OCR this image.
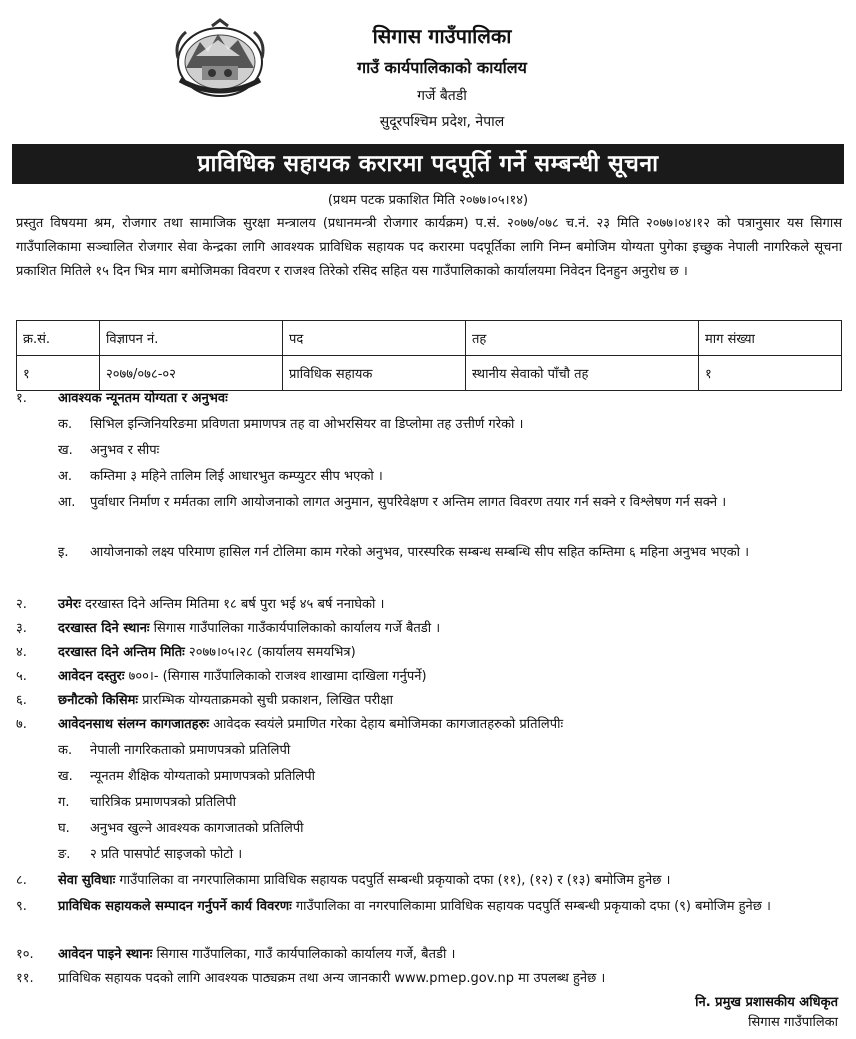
सिगास गाउँपालिका
गाउँ कार्यपालिकाको कार्यालय
गर्जे बैतडी
सुदूरपश्चिम प्रदेश, नेपाल
प्राविधिक सहायक करारमा पदपूर्ति गर्ने सम्बन्धी सूचना
(प्रथम पटक प्रकाशित मिति २०७७।०५।१४)
प्रस्तुत विषयमा श्रम, रोजगार तथा सामाजिक सुरक्षा मन्त्रालय (प्रधानमन्त्री रोजगार कार्यक्रम) प.सं. २०७७/०७८ च.नं. २३ मिति २०७७।०४।१२ को पत्रानुसार यस सिगास गाउँपालिकामा सञ्चालित रोजगार सेवा केन्द्रका लागि आवश्यक प्राविधिक सहायक पद करारमा पदपूर्तिका लागि निम्न बमोजिम योग्यता पुगेका इच्छुक नेपाली नागरिकले सूचना प्रकाशित मितिले १५ दिन भित्र माग बमोजिमका विवरण र राजश्व तिरेको रसिद सहित यस गाउँपालिकाको कार्यालयमा निवेदन दिनहुन अनुरोध छ ।
क्र.सं.	विज्ञापन नं.	पद	तह	माग संख्या
१	२०७७/०७८-०२	प्राविधिक सहायक	स्थानीय सेवाको पाँचौ तह	१
१.	आवश्यक न्यूनतम योग्यता र अनुभवः
क.	सिभिल इन्जिनियरिङमा प्रविणता प्रमाणपत्र तह वा ओभरसियर वा डिप्लोमा तह उत्तीर्ण गरेको ।
ख.	अनुभव र सीपः
अ.	कम्तिमा ३ महिने तालिम लिई आधारभुत कम्प्युटर सीप भएको ।
आ.	पुर्वाधार निर्माण र मर्मतका लागि आयोजनाको लागत अनुमान, सुपरिवेक्षण र अन्तिम लागत विवरण तयार गर्न सक्ने र विश्लेषण गर्न सक्ने ।
इ.	आयोजनाको लक्ष्य परिमाण हासिल गर्न टोलिमा काम गरेको अनुभव, पारस्परिक सम्बन्ध सम्बन्धि सीप सहित कम्तिमा ६ महिना अनुभव भएको ।
२.	उमेरः दरखास्त दिने अन्तिम मितिमा १८ बर्ष पुरा भई ४५ बर्ष ननाघेको ।
३.	दरखास्त दिने स्थानः सिगास गाउँपालिका गाउँकार्यपालिकाको कार्यालय गर्जे बैतडी ।
४.	दरखास्त दिने अन्तिम मितिः २०७७।०५।२८ (कार्यालय समयभित्र)
५.	आवेदन दस्तुरः ७००।- (सिगास गाउँपालिकाको राजश्व शाखामा दाखिला गर्नुपर्ने)
६.	छनौटको किसिमः प्रारम्भिक योग्यताक्रमको सुची प्रकाशन, लिखित परीक्षा
७.	आवेदनसाथ संलग्न कागजातहरुः आवेदक स्वयंले प्रमाणित गरेका देहाय बमोजिमका कागजातहरुको प्रतिलिपीः
क.	नेपाली नागरिकताको प्रमाणपत्रको प्रतिलिपी
ख.	न्यूनतम शैक्षिक योग्यताको प्रमाणपत्रको प्रतिलिपी
ग.	चारित्रिक प्रमाणपत्रको प्रतिलिपी
घ.	अनुभव खुल्ने आवश्यक कागजातको प्रतिलिपी
ङ.	२ प्रति पासपोर्ट साइजको फोटो ।
८.	सेवा सुविधाः गाउँपालिका वा नगरपालिकामा प्राविधिक सहायक पदपुर्ति सम्बन्धी प्रकृयाको दफा (११), (१२) र (१३) बमोजिम हुनेछ ।
९.	प्राविधिक सहायकले सम्पादन गर्नुपर्ने कार्य विवरणः गाउँपालिका वा नगरपालिकामा प्राविधिक सहायक पदपुर्ति सम्बन्धी प्रकृयाको दफा (९) बमोजिम हुनेछ ।
१०.	आवेदन पाइने स्थानः सिगास गाउँपालिका, गाउँ कार्यपालिकाको कार्यालय गर्जे, बैतडी ।
११.	प्राविधिक सहायक पदको लागि आवश्यक पाठ्यक्रम तथा अन्य जानकारी www.pmep.gov.np मा उपलब्ध हुनेछ ।
नि. प्रमुख प्रशासकीय अधिकृत
सिगास गाउँपालिका
